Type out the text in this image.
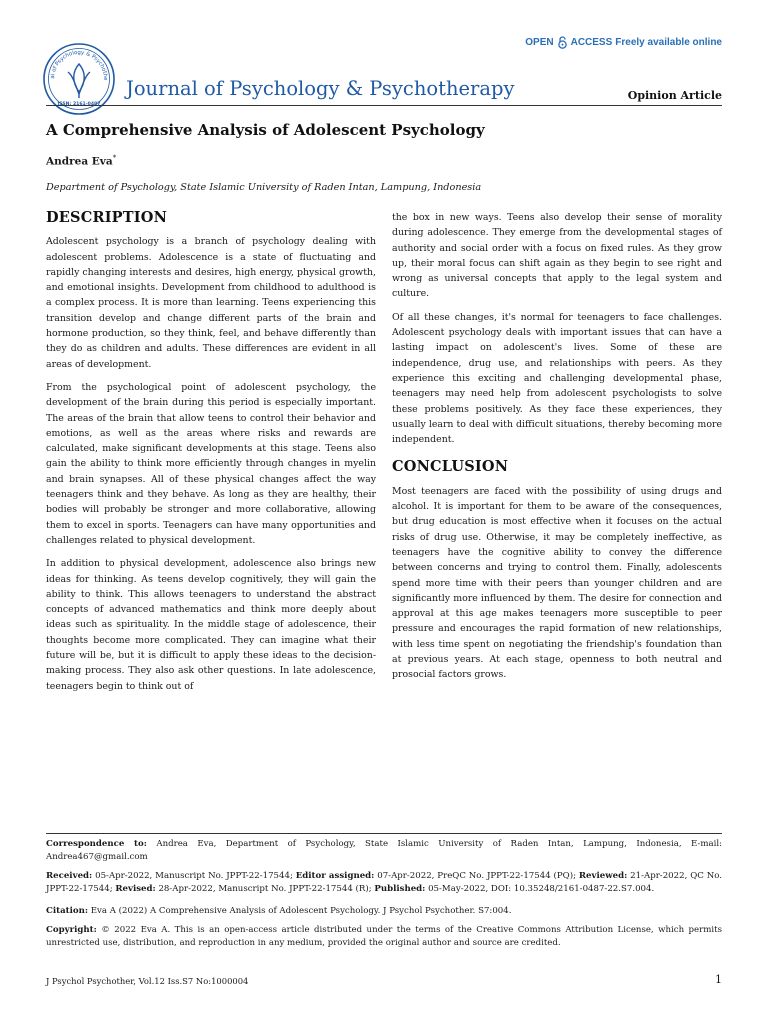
al of Psychology & Psychothe
ISSN: 2161-0487
Journal of Psychology & Psychotherapy
OPEN ACCESS Freely available online
Opinion Article
A Comprehensive Analysis of Adolescent Psychology
Andrea Eva*
Department of Psychology, State Islamic University of Raden Intan, Lampung, Indonesia
DESCRIPTION

Adolescent psychology is a branch of psychology dealing with adolescent problems. Adolescence is a state of fluctuating and rapidly changing interests and desires, high energy, physical growth, and emotional insights. Development from childhood to adulthood is a complex process. It is more than learning. Teens experiencing this transition develop and change different parts of the brain and hormone production, so they think, feel, and behave differently than they do as children and adults. These differences are evident in all areas of development.

From the psychological point of adolescent psychology, the development of the brain during this period is especially important. The areas of the brain that allow teens to control their behavior and emotions, as well as the areas where risks and rewards are calculated, make significant developments at this stage. Teens also gain the ability to think more efficiently through changes in myelin and brain synapses. All of these physical changes affect the way teenagers think and they behave. As long as they are healthy, their bodies will probably be stronger and more collaborative, allowing them to excel in sports. Teenagers can have many opportunities and challenges related to physical development.

In addition to physical development, adolescence also brings new ideas for thinking. As teens develop cognitively, they will gain the ability to think. This allows teenagers to understand the abstract concepts of advanced mathematics and think more deeply about ideas such as spirituality. In the middle stage of adolescence, their thoughts become more complicated. They can imagine what their future will be, but it is difficult to apply these ideas to the decision-making process. They also ask other questions. In late adolescence, teenagers begin to think out of

the box in new ways. Teens also develop their sense of morality during adolescence. They emerge from the developmental stages of authority and social order with a focus on fixed rules. As they grow up, their moral focus can shift again as they begin to see right and wrong as universal concepts that apply to the legal system and culture.

Of all these changes, it's normal for teenagers to face challenges. Adolescent psychology deals with important issues that can have a lasting impact on adolescent's lives. Some of these are independence, drug use, and relationships with peers. As they experience this exciting and challenging developmental phase, teenagers may need help from adolescent psychologists to solve these problems positively. As they face these experiences, they usually learn to deal with difficult situations, thereby becoming more independent.

CONCLUSION

Most teenagers are faced with the possibility of using drugs and alcohol. It is important for them to be aware of the consequences, but drug education is most effective when it focuses on the actual risks of drug use. Otherwise, it may be completely ineffective, as teenagers have the cognitive ability to convey the difference between concerns and trying to control them. Finally, adolescents spend more time with their peers than younger children and are significantly more influenced by them. The desire for connection and approval at this age makes teenagers more susceptible to peer pressure and encourages the rapid formation of new relationships, with less time spent on negotiating the friendship's foundation than at previous years. At each stage, openness to both neutral and prosocial factors grows.

Correspondence to: Andrea Eva, Department of Psychology, State Islamic University of Raden Intan, Lampung, Indonesia, E-mail: Andrea467@gmail.com
Received: 05-Apr-2022, Manuscript No. JPPT-22-17544; Editor assigned: 07-Apr-2022, PreQC No. JPPT-22-17544 (PQ); Reviewed: 21-Apr-2022, QC No. JPPT-22-17544; Revised: 28-Apr-2022, Manuscript No. JPPT-22-17544 (R); Published: 05-May-2022, DOI: 10.35248/2161-0487-22.S7.004.
Citation: Eva A (2022) A Comprehensive Analysis of Adolescent Psychology. J Psychol Psychother. S7:004.
Copyright: © 2022 Eva A. This is an open-access article distributed under the terms of the Creative Commons Attribution License, which permits unrestricted use, distribution, and reproduction in any medium, provided the original author and source are credited.
J Psychol Psychother, Vol.12 Iss.S7 No:1000004	1
